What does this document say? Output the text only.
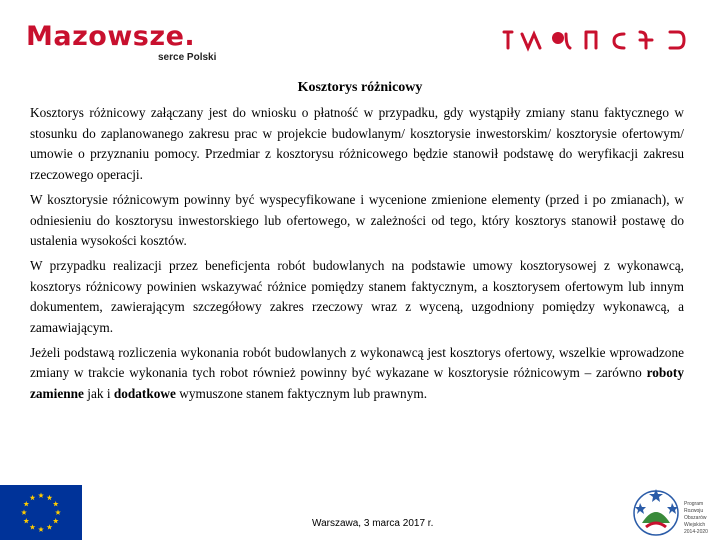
Mazowsze.
serce Polski
Kosztorys różnicowy

Kosztorys różnicowy załączany jest do wniosku o płatność w przypadku, gdy wystąpiły zmiany stanu faktycznego w stosunku do zaplanowanego zakresu prac w projekcie budowlanym/ kosztorysie inwestorskim/ kosztorysie ofertowym/ umowie o przyznaniu pomocy. Przedmiar z kosztorysu różnicowego będzie stanowił podstawę do weryfikacji zakresu rzeczowego operacji.

W kosztorysie różnicowym powinny być wyspecyfikowane i wycenione zmienione elementy (przed i po zmianach), w odniesieniu do kosztorysu inwestorskiego lub ofertowego, w zależności od tego, który kosztorys stanowił postawę do ustalenia wysokości kosztów.

W przypadku realizacji przez beneficjenta robót budowlanych na podstawie umowy kosztorysowej z wykonawcą, kosztorys różnicowy powinien wskazywać różnice pomiędzy stanem faktycznym, a kosztorysem ofertowym lub innym dokumentem, zawierającym szczegółowy zakres rzeczowy wraz z wyceną, uzgodniony pomiędzy wykonawcą, a zamawiającym.

Jeżeli podstawą rozliczenia wykonania robót budowlanych z wykonawcą jest kosztorys ofertowy, wszelkie wprowadzone zmiany w trakcie wykonania tych robot również powinny być wykazane w kosztorysie różnicowym – zarówno roboty zamienne jak i dodatkowe wymuszone stanem faktycznym lub prawnym.

Warszawa, 3 marca 2017 r.
Program
Rozwoju
Obszarów
Wiejskich
2014-2020
